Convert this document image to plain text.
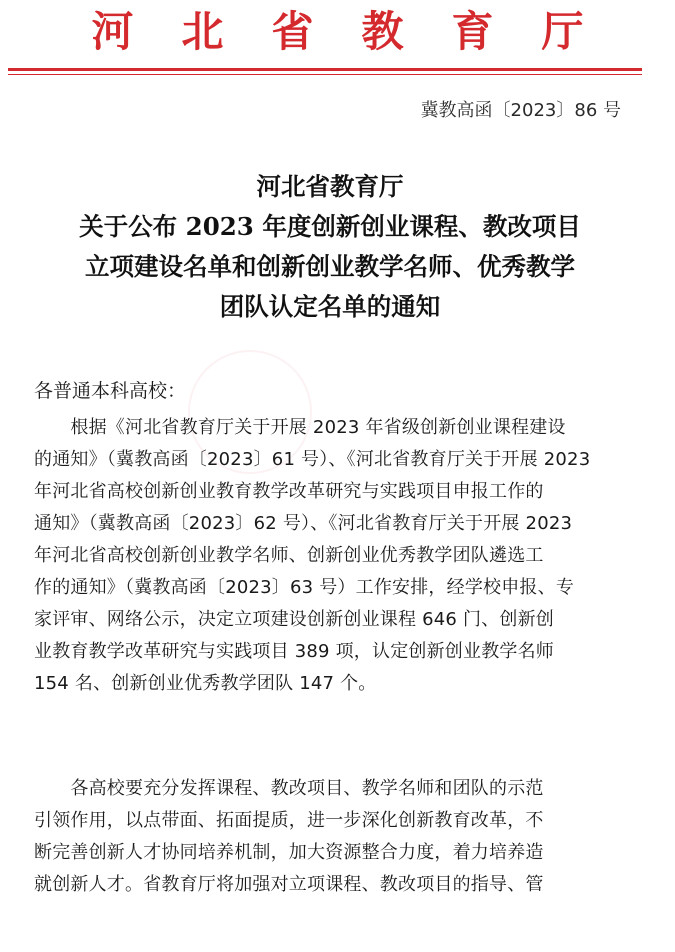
河北省教育厅
冀教高函〔2023〕86 号
河北省教育厅
关于公布 2023 年度创新创业课程、教改项目
立项建设名单和创新创业教学名师、优秀教学
团队认定名单的通知
各普通本科高校：
　　根据《河北省教育厅关于开展 2023 年省级创新创业课程建设
的通知》（冀教高函〔2023〕61 号）、《河北省教育厅关于开展 2023
年河北省高校创新创业教育教学改革研究与实践项目申报工作的
通知》（冀教高函〔2023〕62 号）、《河北省教育厅关于开展 2023
年河北省高校创新创业教学名师、创新创业优秀教学团队遴选工
作的通知》（冀教高函〔2023〕63 号）工作安排，经学校申报、专
家评审、网络公示，决定立项建设创新创业课程 646 门、创新创
业教育教学改革研究与实践项目 389 项，认定创新创业教学名师
154 名、创新创业优秀教学团队 147 个。
　　各高校要充分发挥课程、教改项目、教学名师和团队的示范
引领作用，以点带面、拓面提质，进一步深化创新教育改革，不
断完善创新人才协同培养机制，加大资源整合力度，着力培养造
就创新人才。省教育厅将加强对立项课程、教改项目的指导、管
